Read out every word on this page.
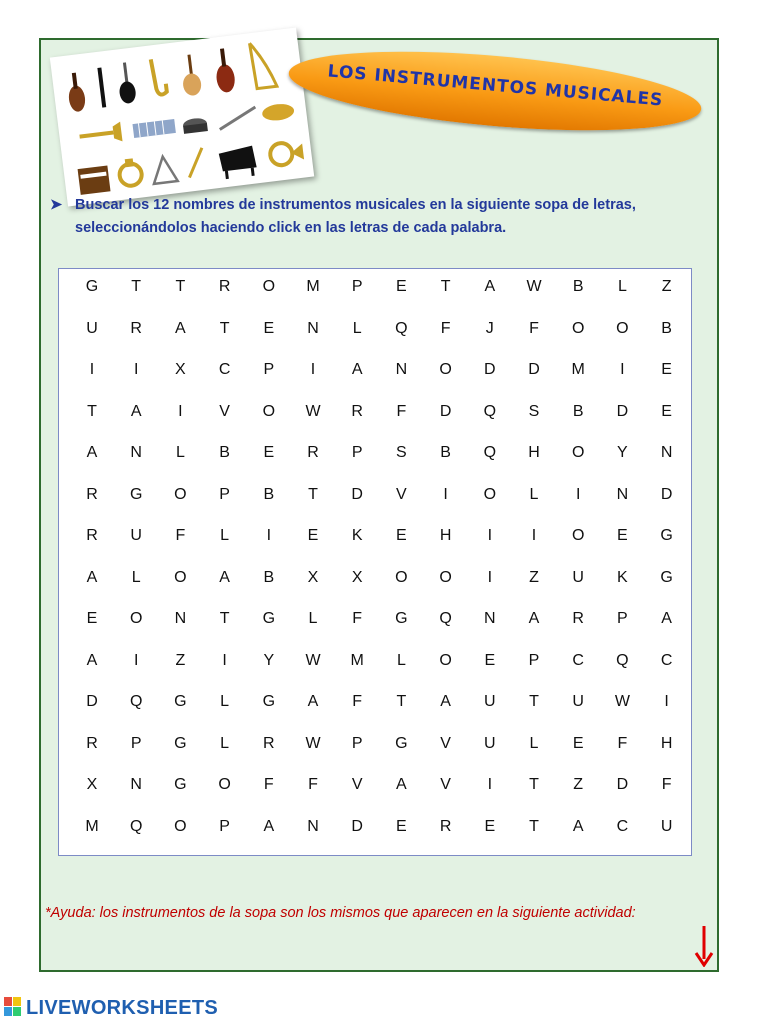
LOS INSTRUMENTOS MUSICALES
➤ Buscar los 12 nombres de instrumentos musicales en la siguiente sopa de letras, seleccionándolos haciendo click en las letras de cada palabra.
G	T	T	R	O	M	P	E	T	A	W	B	L	Z
U	R	A	T	E	N	L	Q	F	J	F	O	O	B
I	I	X	C	P	I	A	N	O	D	D	M	I	E
T	A	I	V	O	W	R	F	D	Q	S	B	D	E
A	N	L	B	E	R	P	S	B	Q	H	O	Y	N
R	G	O	P	B	T	D	V	I	O	L	I	N	D
R	U	F	L	I	E	K	E	H	I	I	O	E	G
A	L	O	A	B	X	X	O	O	I	Z	U	K	G
E	O	N	T	G	L	F	G	Q	N	A	R	P	A
A	I	Z	I	Y	W	M	L	O	E	P	C	Q	C
D	Q	G	L	G	A	F	T	A	U	T	U	W	I
R	P	G	L	R	W	P	G	V	U	L	E	F	H
X	N	G	O	F	F	V	A	V	I	T	Z	D	F
M	Q	O	P	A	N	D	E	R	E	T	A	C	U
*Ayuda: los instrumentos de la sopa son los mismos que aparecen en la siguiente actividad:
LIVEWORKSHEETS
